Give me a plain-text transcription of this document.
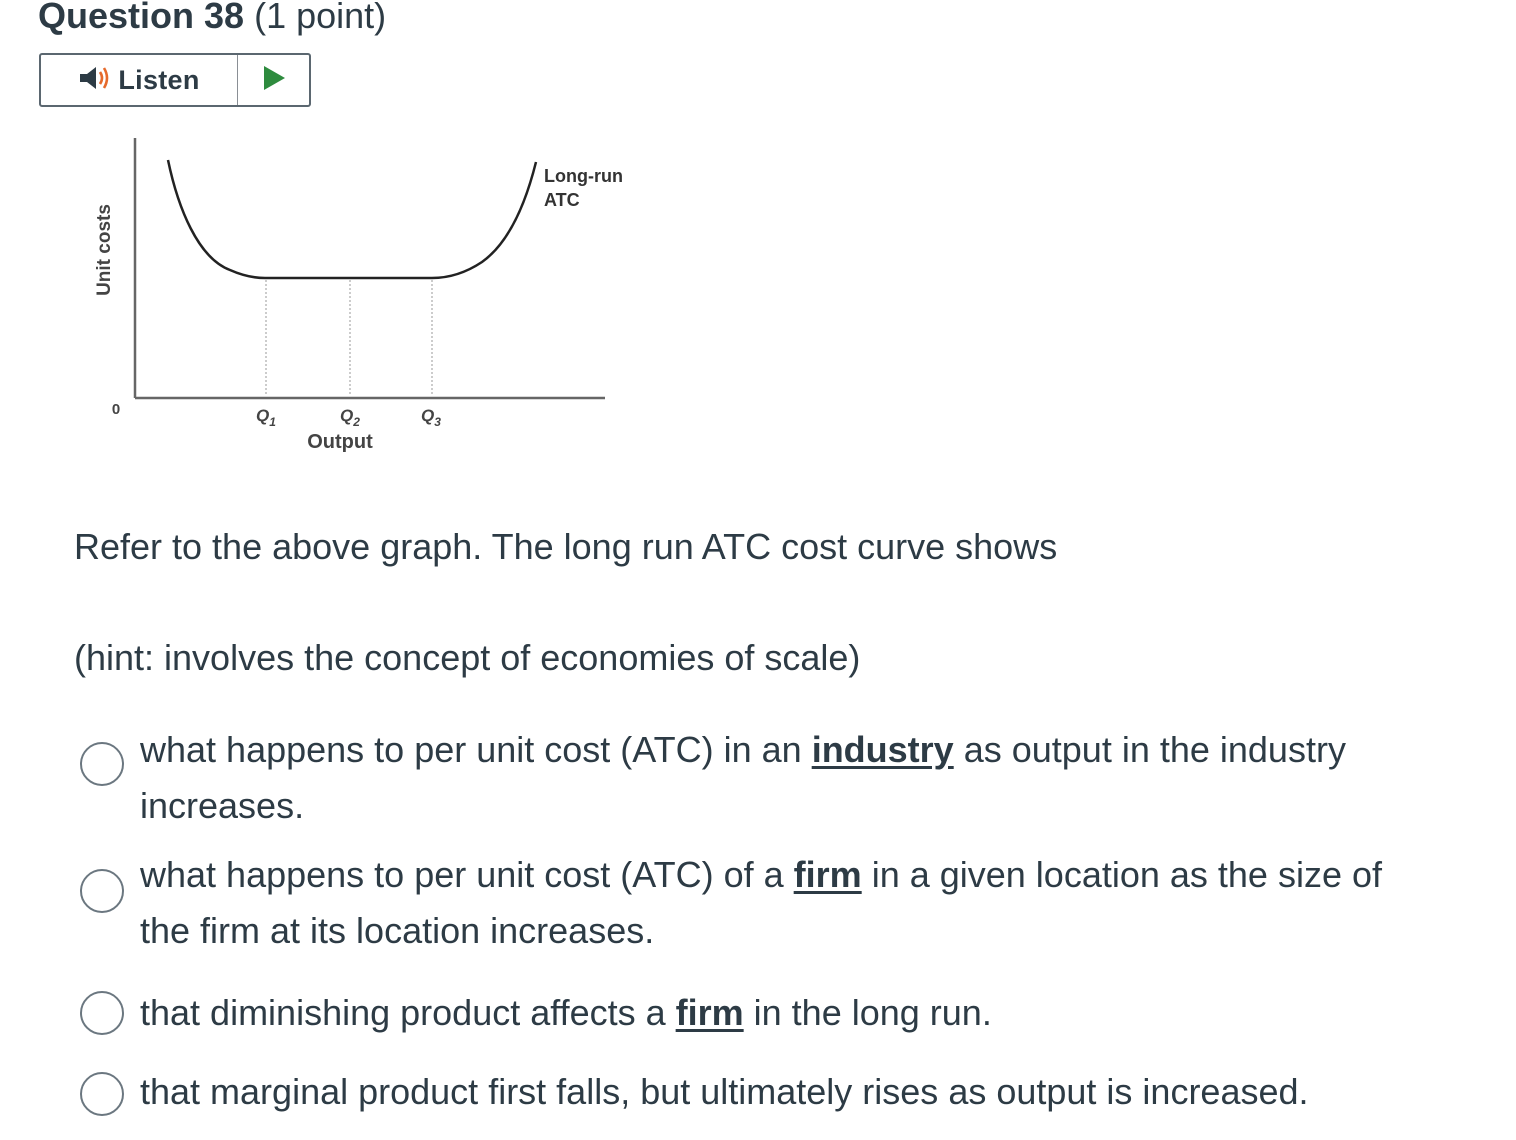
Question 38 (1 point)
Listen
Unit costs
Output
0
Long-run
ATC
$Q_1$	$Q_2$	$Q_3$
Refer to the above graph. The long run ATC cost curve shows
(hint: involves the concept of economies of scale)
what happens to per unit cost (ATC) in an industry as output in the industry
increases.
what happens to per unit cost (ATC) of a firm in a given location as the size of
the firm at its location increases.
that diminishing product affects a firm in the long run.
that marginal product first falls, but ultimately rises as output is increased.
